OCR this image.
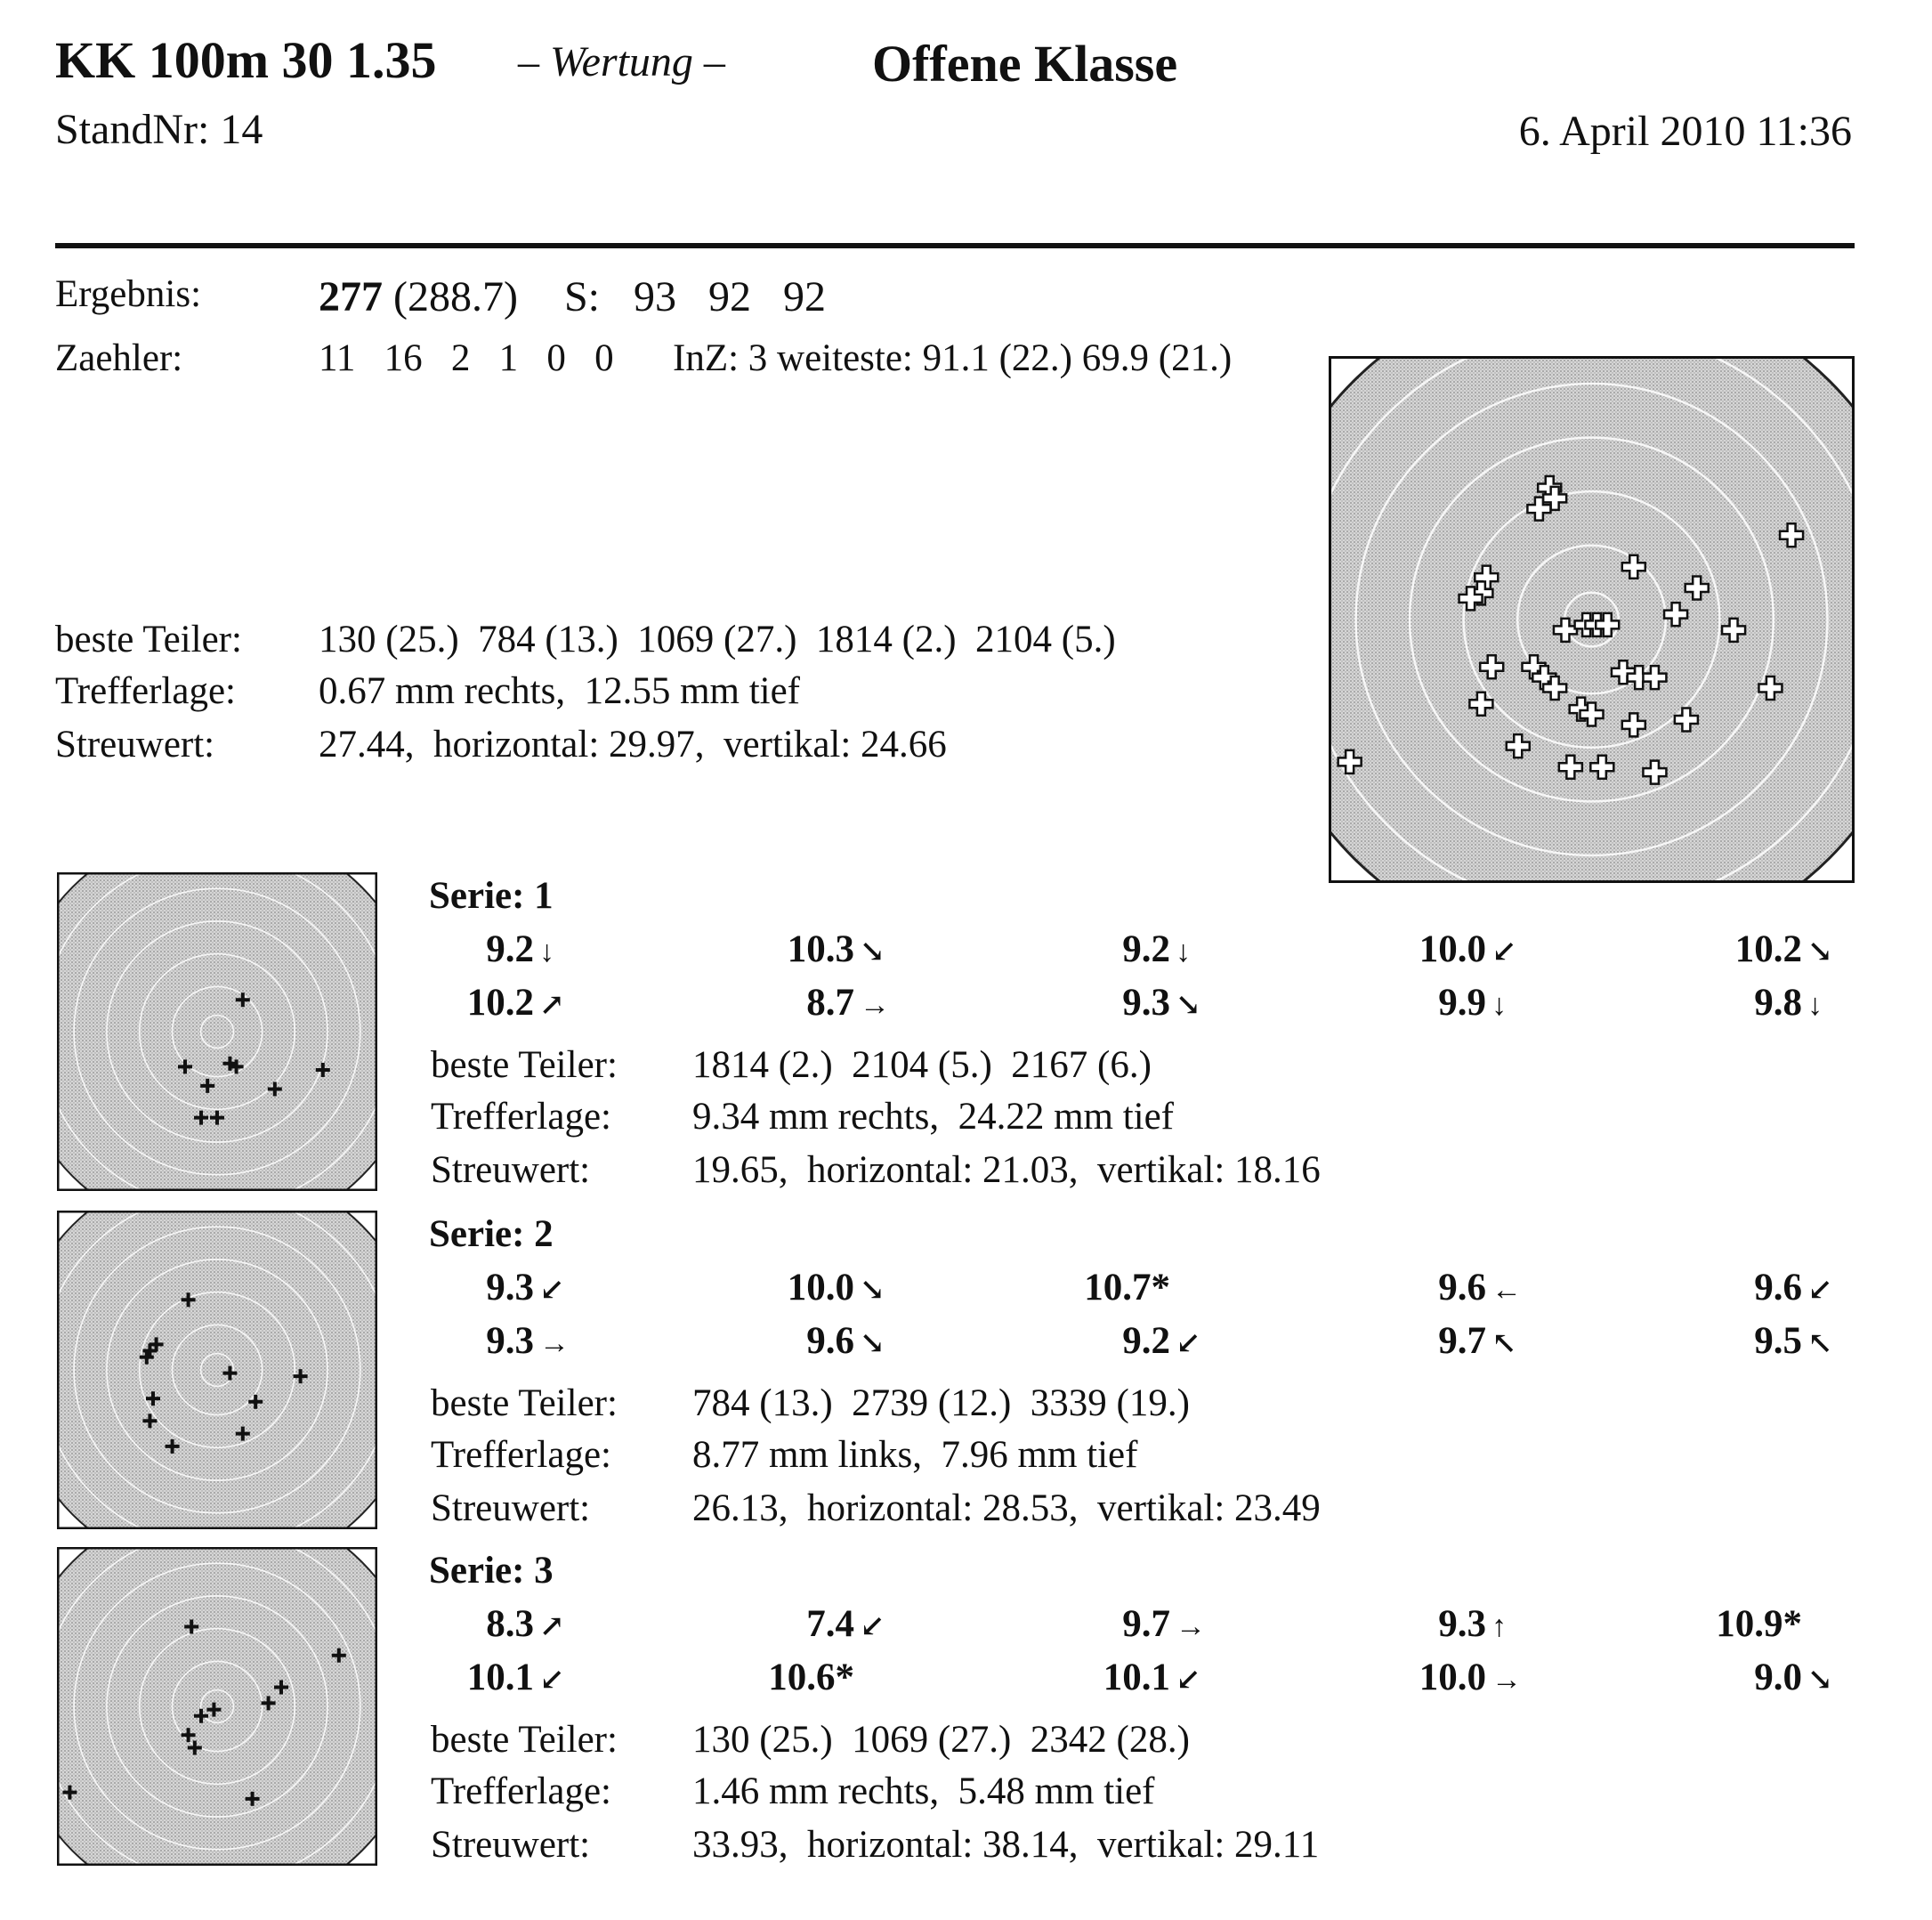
KK 100m 30 1.35 – Wertung –	Offene Klasse
StandNr: 14	6. April 2010 11:36
Ergebnis:	277 (288.7) S: 93   92   92
Zaehler:	11   16   2   1   0   0 InZ: 3 weiteste: 91.1 (22.) 69.9 (21.)
beste Teiler: 130 (25.)  784 (13.)  1069 (27.)  1814 (2.)  2104 (5.)
Trefferlage: 0.67 mm rechts,  12.55 mm tief
Streuwert:	27.44,  horizontal: 29.97,  vertikal: 24.66
Serie: 1
9.2 ↓	10.3 ↘	9.2 ↓	10.0 ↙	10.2 ↘
10.2 ↗	8.7 →	9.3 ↘	9.9 ↓	9.8 ↓
beste Teiler: 1814 (2.)  2104 (5.)  2167 (6.)
Trefferlage: 9.34 mm rechts,  24.22 mm tief
Streuwert:	19.65,  horizontal: 21.03,  vertikal: 18.16
Serie: 2
9.3 ↙	10.0 ↘	10.7*	9.6 ←	9.6 ↙
9.3 →	9.6 ↘	9.2 ↙	9.7 ↖	9.5 ↖
beste Teiler: 784 (13.)  2739 (12.)  3339 (19.)
Trefferlage: 8.77 mm links,  7.96 mm tief
Streuwert:	26.13,  horizontal: 28.53,  vertikal: 23.49
Serie: 3
8.3 ↗	7.4 ↙	9.7 →	9.3 ↑	10.9*
10.1 ↙	10.6*	10.1 ↙	10.0 →	9.0 ↘
beste Teiler: 130 (25.)  1069 (27.)  2342 (28.)
Trefferlage: 1.46 mm rechts,  5.48 mm tief
Streuwert:	33.93,  horizontal: 38.14,  vertikal: 29.11
